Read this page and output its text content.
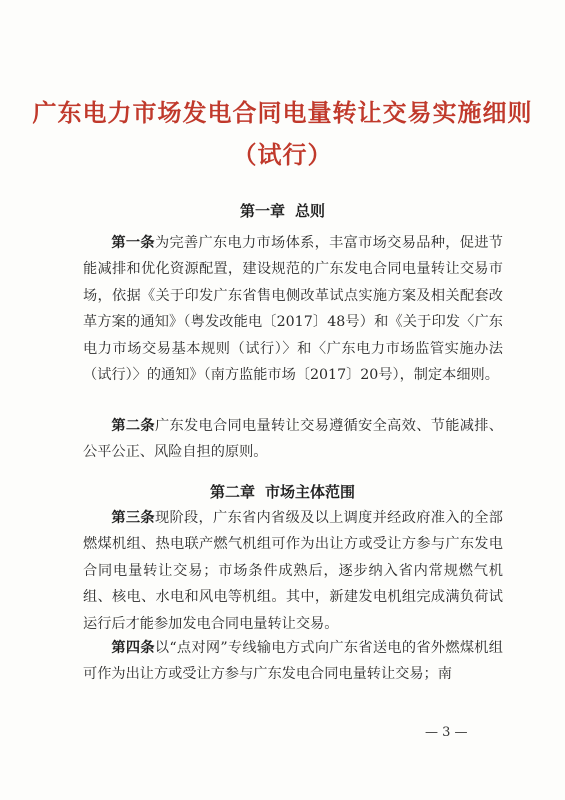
广东电力市场发电合同电量转让交易实施细则
（试行）
第一章 总则
第一条为完善广东电力市场体系，丰富市场交易品种，促进节能减排和优化资源配置，建设规范的广东发电合同电量转让交易市场，依据《关于印发广东省售电侧改革试点实施方案及相关配套改革方案的通知》（粤发改能电〔2017〕48号）和《关于印发〈广东电力市场交易基本规则（试行）〉和〈广东电力市场监管实施办法（试行）〉的通知》（南方监能市场〔2017〕20号），制定本细则。
第二条广东发电合同电量转让交易遵循安全高效、节能减排、公平公正、风险自担的原则。
第二章 市场主体范围
第三条现阶段，广东省内省级及以上调度并经政府准入的全部燃煤机组、热电联产燃气机组可作为出让方或受让方参与广东发电合同电量转让交易；市场条件成熟后，逐步纳入省内常规燃气机组、核电、水电和风电等机组。其中，新建发电机组完成满负荷试运行后才能参加发电合同电量转让交易。
第四条以“点对网”专线输电方式向广东省送电的省外燃煤机组可作为出让方或受让方参与广东发电合同电量转让交易；南
— 3 —
